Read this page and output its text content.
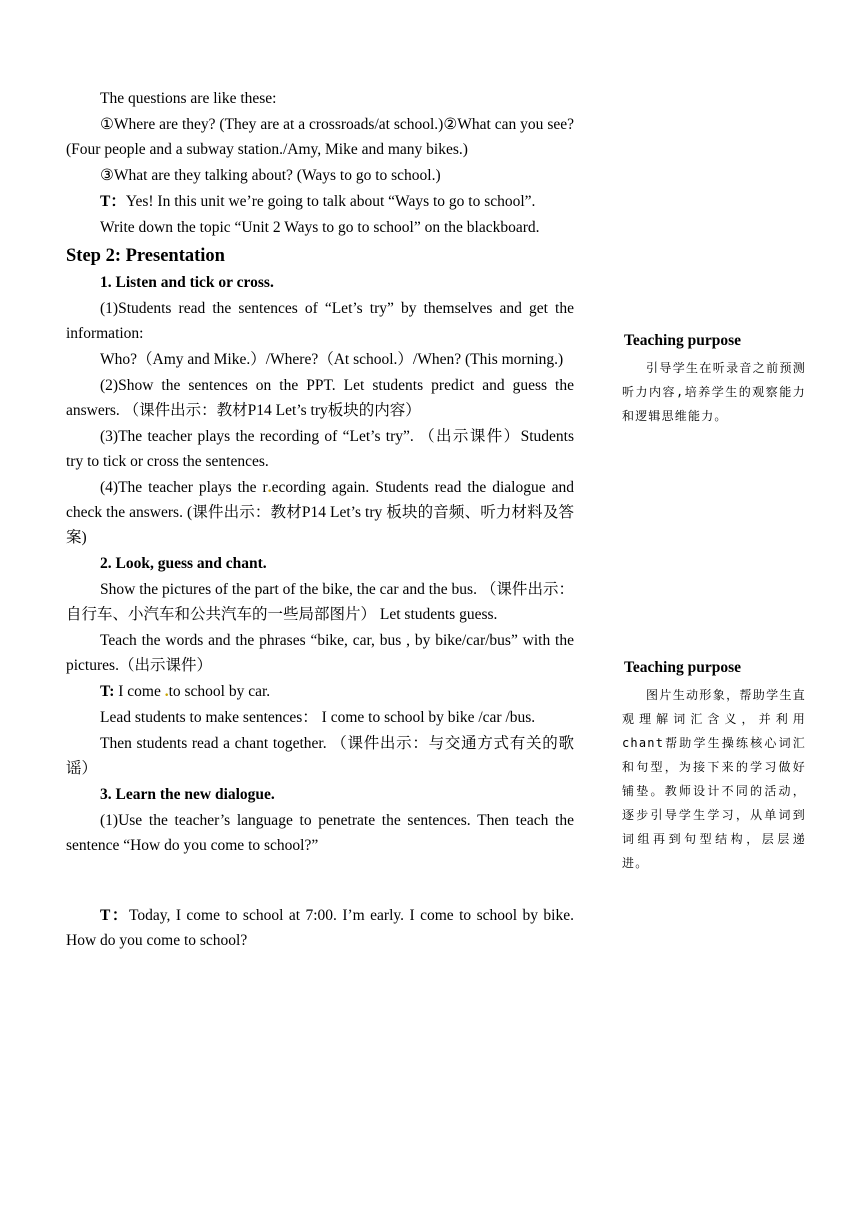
The questions are like these:

①Where are they? (They are at a crossroads/at school.)②What can you see? (Four people and a subway station./Amy, Mike and many bikes.)

③What are they talking about? (Ways to go to school.)

T：Yes! In this unit we’re going to talk about “Ways to go to school”.

Write down the topic “Unit 2 Ways to go to school” on the blackboard.

Step 2: Presentation

1. Listen and tick or cross.

(1)Students read the sentences of “Let’s try” by themselves and get the information:

Who?（Amy and Mike.）/Where?（At school.）/When? (This morning.)

(2)Show the sentences on the PPT. Let students predict and guess the answers. （课件出示：教材P14 Let’s try板块的内容）

(3)The teacher plays the recording of “Let’s try”. （出示课件）Students try to tick or cross the sentences.

(4)The teacher plays the r.ecording again. Students read the dialogue and check the answers. (课件出示：教材P14 Let’s try 板块的音频、听力材料及答案)

2. Look, guess and chant.

Show the pictures of the part of the bike, the car and the bus. （课件出示：自行车、小汽车和公共汽车的一些局部图片） Let students guess.

Teach the words and the phrases “bike, car, bus , by bike/car/bus” with the pictures.（出示课件）

T: I come .to school by car.

Lead students to make sentences： I come to school by bike /car /bus.

Then students read a chant together. （课件出示：与交通方式有关的歌谣）

3. Learn the new dialogue.

(1)Use the teacher’s language to penetrate the sentences. Then teach the sentence “How do you come to school?”

T：Today, I come to school at 7:00. I’m early. I come to school by bike. How do you come to school?

Teaching purpose
引导学生在听录音之前预测听力内容,培养学生的观察能力和逻辑思维能力。
Teaching purpose
图片生动形象，帮助学生直观理解词汇含义，并利用chant帮助学生操练核心词汇和句型，为接下来的学习做好铺垫。教师设计不同的活动，逐步引导学生学习，从单词到词组再到句型结构，层层递进。
